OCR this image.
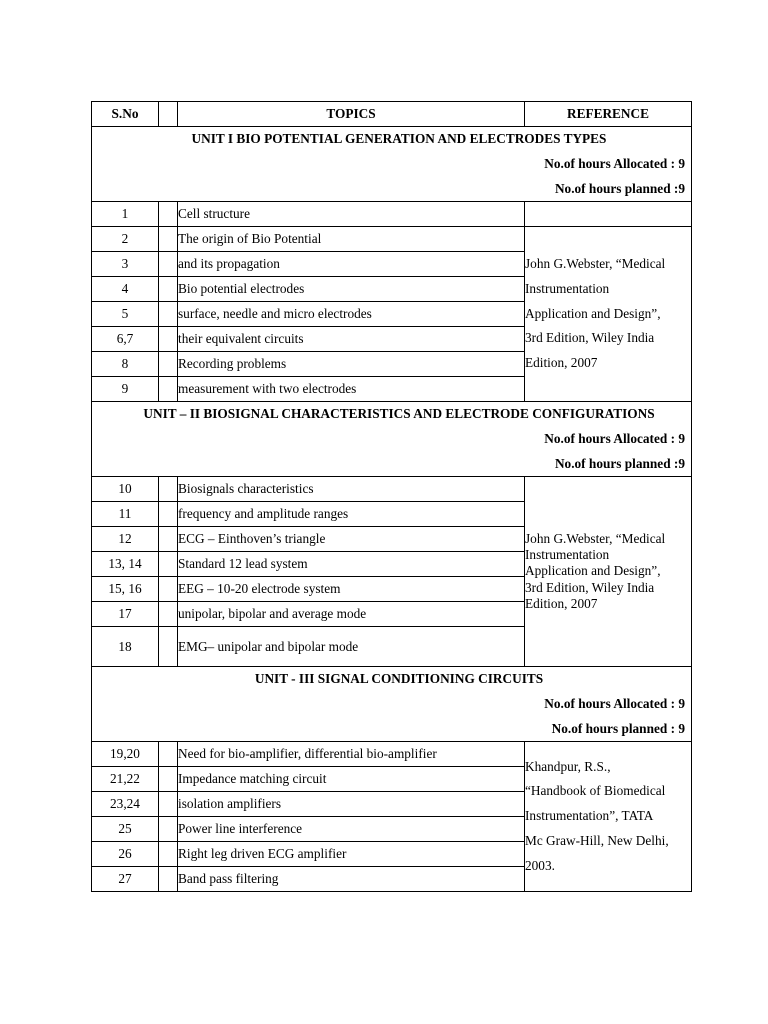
S.No		TOPICS	REFERENCE

UNIT I BIO POTENTIAL GENERATION AND ELECTRODES TYPES
No.of hours Allocated : 9
No.of hours planned :9			

1		Cell structure	
2		The origin of Bio Potential	John G.Webster, “Medical
Instrumentation
Application and Design”,
3rd Edition, Wiley India
Edition, 2007

3		and its propagation	
4		Bio potential electrodes	
5		surface, needle and micro electrodes	
6,7		their equivalent circuits	
8		Recording problems	
9		measurement with two electrodes	

UNIT – II BIOSIGNAL CHARACTERISTICS AND ELECTRODE CONFIGURATIONS
No.of hours Allocated : 9
No.of hours planned :9			

10		Biosignals characteristics	John G.Webster, “Medical
Instrumentation
Application and Design”,
3rd Edition, Wiley India
Edition, 2007

11		frequency and amplitude ranges	
12		ECG – Einthoven’s triangle	
13, 14		Standard 12 lead system	
15, 16		EEG – 10-20 electrode system	
17		unipolar, bipolar and average mode	
18		EMG– unipolar and bipolar mode	

UNIT - III SIGNAL CONDITIONING CIRCUITS
No.of hours Allocated : 9
No.of hours planned : 9			

19,20		Need for bio-amplifier, differential bio-amplifier	Khandpur, R.S.,
“Handbook of Biomedical
Instrumentation”, TATA
Mc Graw-Hill, New Delhi,
2003.

21,22		Impedance matching circuit	
23,24		isolation amplifiers	
25		Power line interference	
26		Right leg driven ECG amplifier	
27		Band pass filtering	
